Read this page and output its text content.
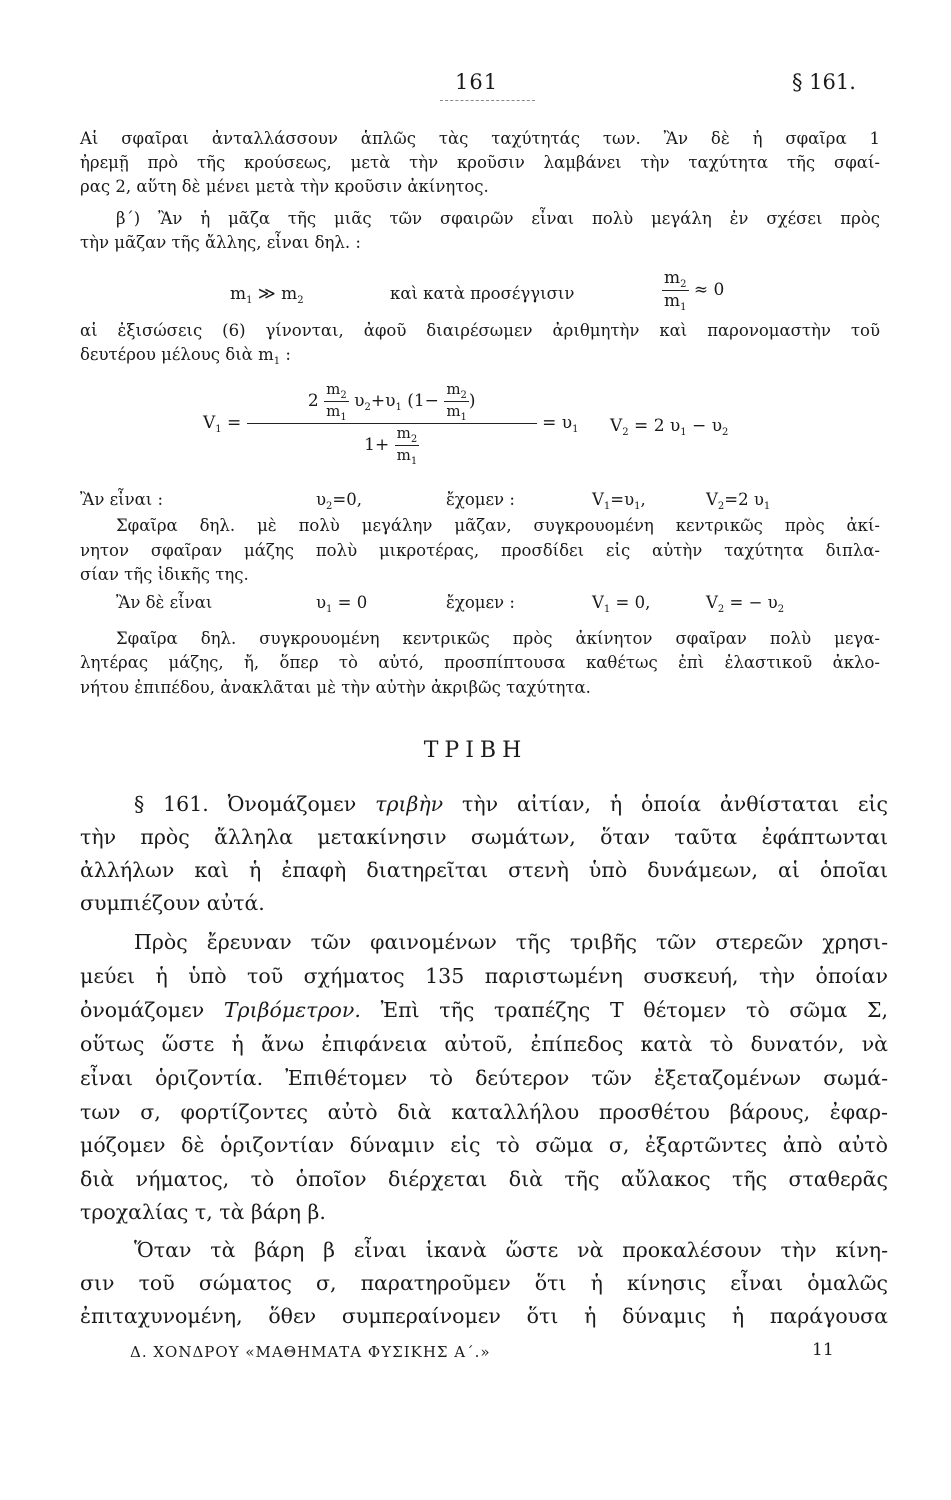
161	§ 161.
Αἱ σφαῖραι ἀνταλλάσσουν ἁπλῶς τὰς ταχύτητάς των. Ἂν δὲ ἡ σφαῖρα 1
ἠρεμῇ πρὸ τῆς κρούσεως, μετὰ τὴν κροῦσιν λαμβάνει τὴν ταχύτητα τῆς σφαί-
ρας 2, αὕτη δὲ μένει μετὰ τὴν κροῦσιν ἀκίνητος.
β΄) Ἂν ἡ μᾶζα τῆς μιᾶς τῶν σφαιρῶν εἶναι πολὺ μεγάλη ἐν σχέσει πρὸς
τὴν μᾶζαν τῆς ἄλλης, εἶναι δηλ. :
$m_1$ ≫ $m_2$	καὶ κατὰ προσέγγισιν	$\frac{m_2}{m_1} \approx 0$
αἱ ἐξισώσεις (6) γίνονται, ἀφοῦ διαιρέσωμεν ἀριθμητὴν καὶ παρονομαστὴν τοῦ
δευτέρου μέλους διὰ $m_1$ :
$V_1 = \frac{2 \frac{m_2}{m_1} \upsilon_2+\upsilon_1 (1- \frac{m_2}{m_1} )}{1+ \frac{m_2}{m_1}} = \upsilon_1$ $V_2 = 2$ $\upsilon_1 - \upsilon_2$
Ἂν εἶναι :	$\upsilon_2=0$,	ἔχομεν :	$V_1=\upsilon_1$,	$V_2=2$ $\upsilon_1$
Σφαῖρα δηλ. μὲ πολὺ μεγάλην μᾶζαν, συγκρουομένη κεντρικῶς πρὸς ἀκί-
νητον σφαῖραν μάζης πολὺ μικροτέρας, προσδίδει εἰς αὐτὴν ταχύτητα διπλα-
σίαν τῆς ἰδικῆς της.
Ἂν δὲ εἶναι	$\upsilon_1 = 0$	ἔχομεν :	$V_1 = 0$,	$V_2$ = − $\upsilon_2$
Σφαῖρα δηλ. συγκρουομένη κεντρικῶς πρὸς ἀκίνητον σφαῖραν πολὺ μεγα-
λητέρας μάζης, ἤ, ὅπερ τὸ αὐτό, προσπίπτουσα καθέτως ἐπὶ ἐλαστικοῦ ἀκλο-
νήτου ἐπιπέδου, ἀνακλᾶται μὲ τὴν αὐτὴν ἀκριβῶς ταχύτητα.
ΤΡΙΒΗ
§ 161. Ὀνομάζομεν τριβὴν τὴν αἰτίαν, ἡ ὁποία ἀνθίσταται εἰς
τὴν πρὸς ἄλληλα μετακίνησιν σωμάτων, ὅταν ταῦτα ἐφάπτωνται
ἀλλήλων καὶ ἡ ἐπαφὴ διατηρεῖται στενὴ ὑπὸ δυνάμεων, αἱ ὁποῖαι
συμπιέζουν αὐτά.
Πρὸς ἔρευναν τῶν φαινομένων τῆς τριβῆς τῶν στερεῶν χρησι-
μεύει ἡ ὑπὸ τοῦ σχήματος 135 παριστωμένη συσκευή, τὴν ὁποίαν
ὀνομάζομεν Τριβόμετρον. Ἐπὶ τῆς τραπέζης Τ θέτομεν τὸ σῶμα Σ,
οὕτως ὥστε ἡ ἄνω ἐπιφάνεια αὐτοῦ, ἐπίπεδος κατὰ τὸ δυνατόν, νὰ
εἶναι ὁριζοντία. Ἐπιθέτομεν τὸ δεύτερον τῶν ἐξεταζομένων σωμά-
των σ, φορτίζοντες αὐτὸ διὰ καταλλήλου προσθέτου βάρους, ἐφαρ-
μόζομεν δὲ ὁριζοντίαν δύναμιν εἰς τὸ σῶμα σ, ἐξαρτῶντες ἀπὸ αὐτὸ
διὰ νήματος, τὸ ὁποῖον διέρχεται διὰ τῆς αὔλακος τῆς σταθερᾶς
τροχαλίας τ, τὰ βάρη β.
Ὅταν τὰ βάρη β εἶναι ἱκανὰ ὥστε νὰ προκαλέσουν τὴν κίνη-
σιν τοῦ σώματος σ, παρατηροῦμεν ὅτι ἡ κίνησις εἶναι ὁμαλῶς
ἐπιταχυνομένη, ὅθεν συμπεραίνομεν ὅτι ἡ δύναμις ἡ παράγουσα
Δ. ΧΟΝΔΡΟΥ «ΜΑΘΗΜΑΤΑ ΦΥΣΙΚΗΣ Α΄.»	11
